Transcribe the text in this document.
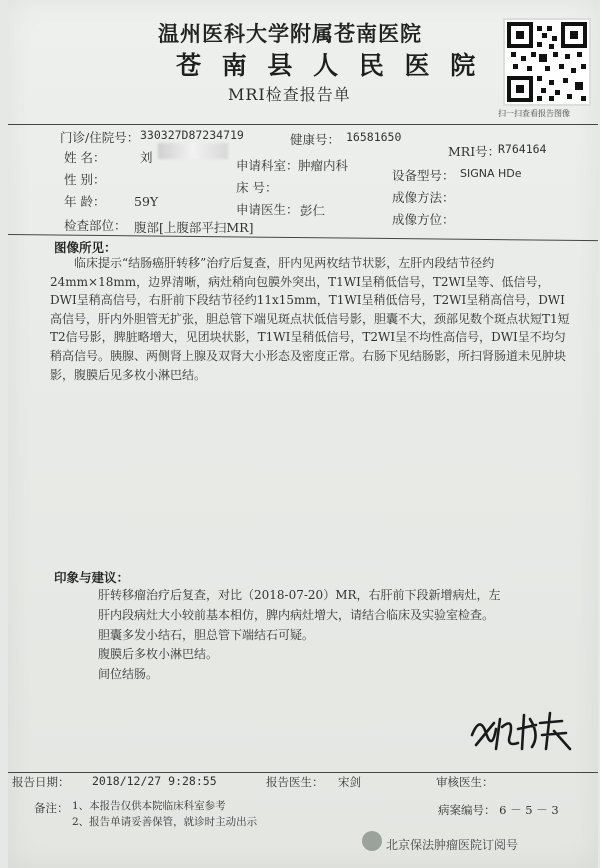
温州医科大学附属苍南医院
苍 南 县 人 民 医 院
MRI检查报告单
扫一扫查看报告图像
门诊/住院号： 330327D87234719	健康号： 16581650
MRI号：
R764164
姓 名：	刘
申请科室： 肿瘤内科
设备型号： SIGNA HDe
性 别：
床 号：
成像方法：
年 龄： 59Y
申请医生： 彭仁
成像方位：
检查部位： 腹部[上腹部平扫MR]
图像所见：

临床提示“结肠癌肝转移”治疗后复查，肝内见两枚结节状影，左肝内段结节径约24mm×18mm，边界清晰，病灶稍向包膜外突出，T1WI呈稍低信号，T2WI呈等、低信号，DWI呈稍高信号，右肝前下段结节径约11x15mm，T1WI呈稍低信号，T2WI呈稍高信号，DWI高信号，肝内外胆管无扩张，胆总管下端见斑点状低信号影，胆囊不大，颈部见数个斑点状短T1短T2信号影，脾脏略增大，见团块状影，T1WI呈稍低信号，T2WI呈不均性高信号，DWI呈不均匀稍高信号。胰腺、两侧肾上腺及双肾大小形态及密度正常。右肠下见结肠影，所扫肾肠道未见肿块影，腹膜后见多枚小淋巴结。

印象与建议：
肝转移瘤治疗后复查，对比（2018-07-20）MR，右肝前下段新增病灶，左
肝内段病灶大小较前基本相仿，脾内病灶增大，请结合临床及实验室检查。
胆囊多发小结石，胆总管下端结石可疑。
腹膜后多枚小淋巴结。
间位结肠。
报告日期： 2018/12/27 9:28:55	报告医生： 宋剑	审核医生：
备注： 1、本报告仅供本院临床科室参考
2、报告单请妥善保管，就诊时主动出示
病案编号： 6 － 5 － 3
北京保法肿瘤医院订阅号
